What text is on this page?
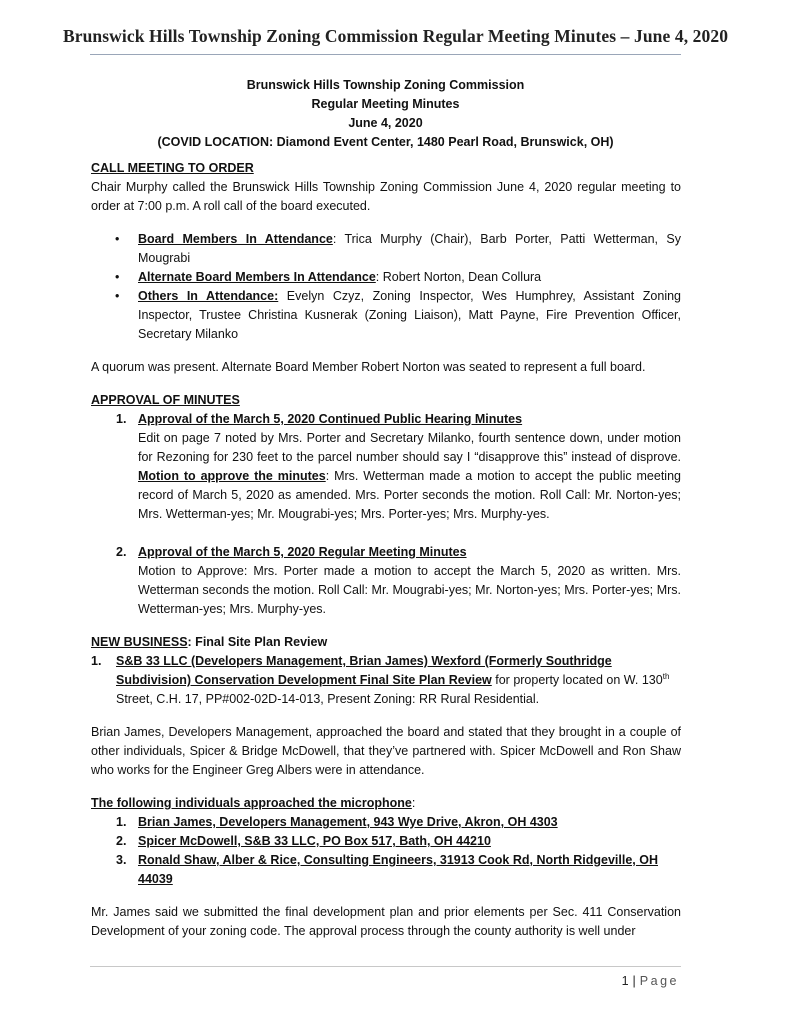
Brunswick Hills Township Zoning Commission Regular Meeting Minutes – June 4, 2020
Brunswick Hills Township Zoning Commission
Regular Meeting Minutes
June 4, 2020
(COVID LOCATION: Diamond Event Center, 1480 Pearl Road, Brunswick, OH)

CALL MEETING TO ORDER

Chair Murphy called the Brunswick Hills Township Zoning Commission June 4, 2020 regular meeting to order at 7:00 p.m. A roll call of the board executed.

• Board Members In Attendance: Trica Murphy (Chair), Barb Porter, Patti Wetterman, Sy Mougrabi
• Alternate Board Members In Attendance: Robert Norton, Dean Collura
• Others In Attendance: Evelyn Czyz, Zoning Inspector, Wes Humphrey, Assistant Zoning Inspector, Trustee Christina Kusnerak (Zoning Liaison), Matt Payne, Fire Prevention Officer, Secretary Milanko

A quorum was present. Alternate Board Member Robert Norton was seated to represent a full board.

APPROVAL OF MINUTES

1. Approval of the March 5, 2020 Continued Public Hearing Minutes
Edit on page 7 noted by Mrs. Porter and Secretary Milanko, fourth sentence down, under motion for Rezoning for 230 feet to the parcel number should say I “disapprove this” instead of disprove. Motion to approve the minutes: Mrs. Wetterman made a motion to accept the public meeting record of March 5, 2020 as amended. Mrs. Porter seconds the motion. Roll Call: Mr. Norton-yes; Mrs. Wetterman-yes; Mr. Mougrabi-yes; Mrs. Porter-yes; Mrs. Murphy-yes.
2. Approval of the March 5, 2020 Regular Meeting Minutes
Motion to Approve: Mrs. Porter made a motion to accept the March 5, 2020 as written. Mrs. Wetterman seconds the motion. Roll Call: Mr. Mougrabi-yes; Mr. Norton-yes; Mrs. Porter-yes; Mrs. Wetterman-yes; Mrs. Murphy-yes.

NEW BUSINESS: Final Site Plan Review

1. S&B 33 LLC (Developers Management, Brian James) Wexford (Formerly Southridge Subdivision) Conservation Development Final Site Plan Review for property located on W. 130th Street, C.H. 17, PP#002-02D-14-013, Present Zoning: RR Rural Residential.

Brian James, Developers Management, approached the board and stated that they brought in a couple of other individuals, Spicer & Bridge McDowell, that they’ve partnered with. Spicer McDowell and Ron Shaw who works for the Engineer Greg Albers were in attendance.

The following individuals approached the microphone:

1. Brian James, Developers Management, 943 Wye Drive, Akron, OH 4303
2. Spicer McDowell, S&B 33 LLC, PO Box 517, Bath, OH 44210
3. Ronald Shaw, Alber & Rice, Consulting Engineers, 31913 Cook Rd, North Ridgeville, OH 44039

Mr. James said we submitted the final development plan and prior elements per Sec. 411 Conservation Development of your zoning code. The approval process through the county authority is well under

1 | Page
